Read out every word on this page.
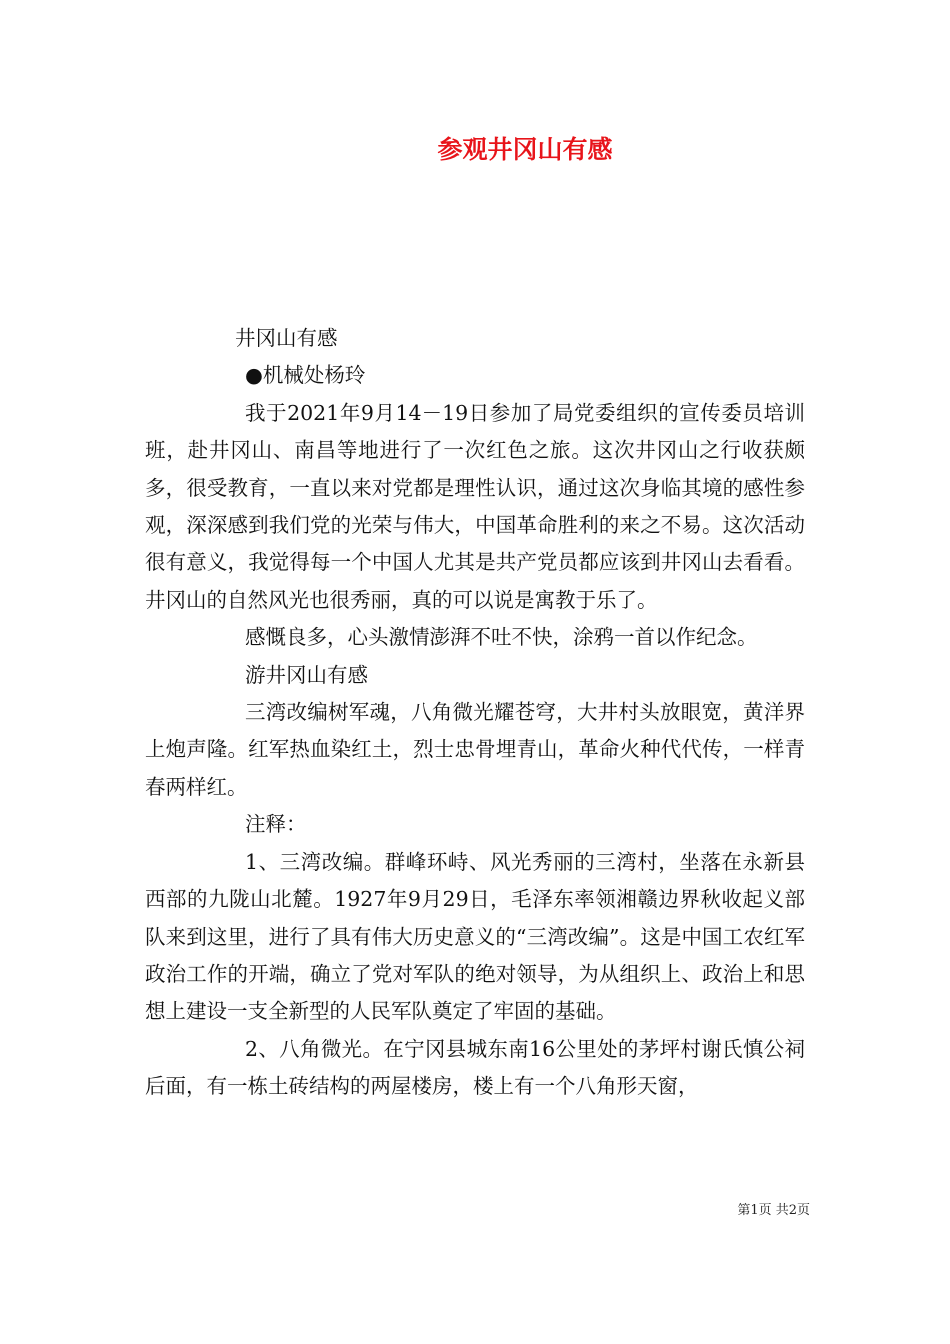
参观井冈山有感

井冈山有感

●机械处杨玲

我于2021年9月14－19日参加了局党委组织的宣传委员培训班，赴井冈山、南昌等地进行了一次红色之旅。这次井冈山之行收获颇多，很受教育，一直以来对党都是理性认识，通过这次身临其境的感性参观，深深感到我们党的光荣与伟大，中国革命胜利的来之不易。这次活动很有意义，我觉得每一个中国人尤其是共产党员都应该到井冈山去看看。井冈山的自然风光也很秀丽，真的可以说是寓教于乐了。

感慨良多，心头激情澎湃不吐不快，涂鸦一首以作纪念。

游井冈山有感

三湾改编树军魂，八角微光耀苍穹，大井村头放眼宽，黄洋界上炮声隆。红军热血染红土，烈士忠骨埋青山，革命火种代代传，一样青春两样红。

注释：

1、三湾改编。群峰环峙、风光秀丽的三湾村，坐落在永新县西部的九陇山北麓。1927年9月29日，毛泽东率领湘赣边界秋收起义部队来到这里，进行了具有伟大历史意义的“三湾改编”。这是中国工农红军政治工作的开端，确立了党对军队的绝对领导，为从组织上、政治上和思想上建设一支全新型的人民军队奠定了牢固的基础。

2、八角微光。在宁冈县城东南16公里处的茅坪村谢氏慎公祠后面，有一栋土砖结构的两屋楼房，楼上有一个八角形天窗，

第1页 共2页
